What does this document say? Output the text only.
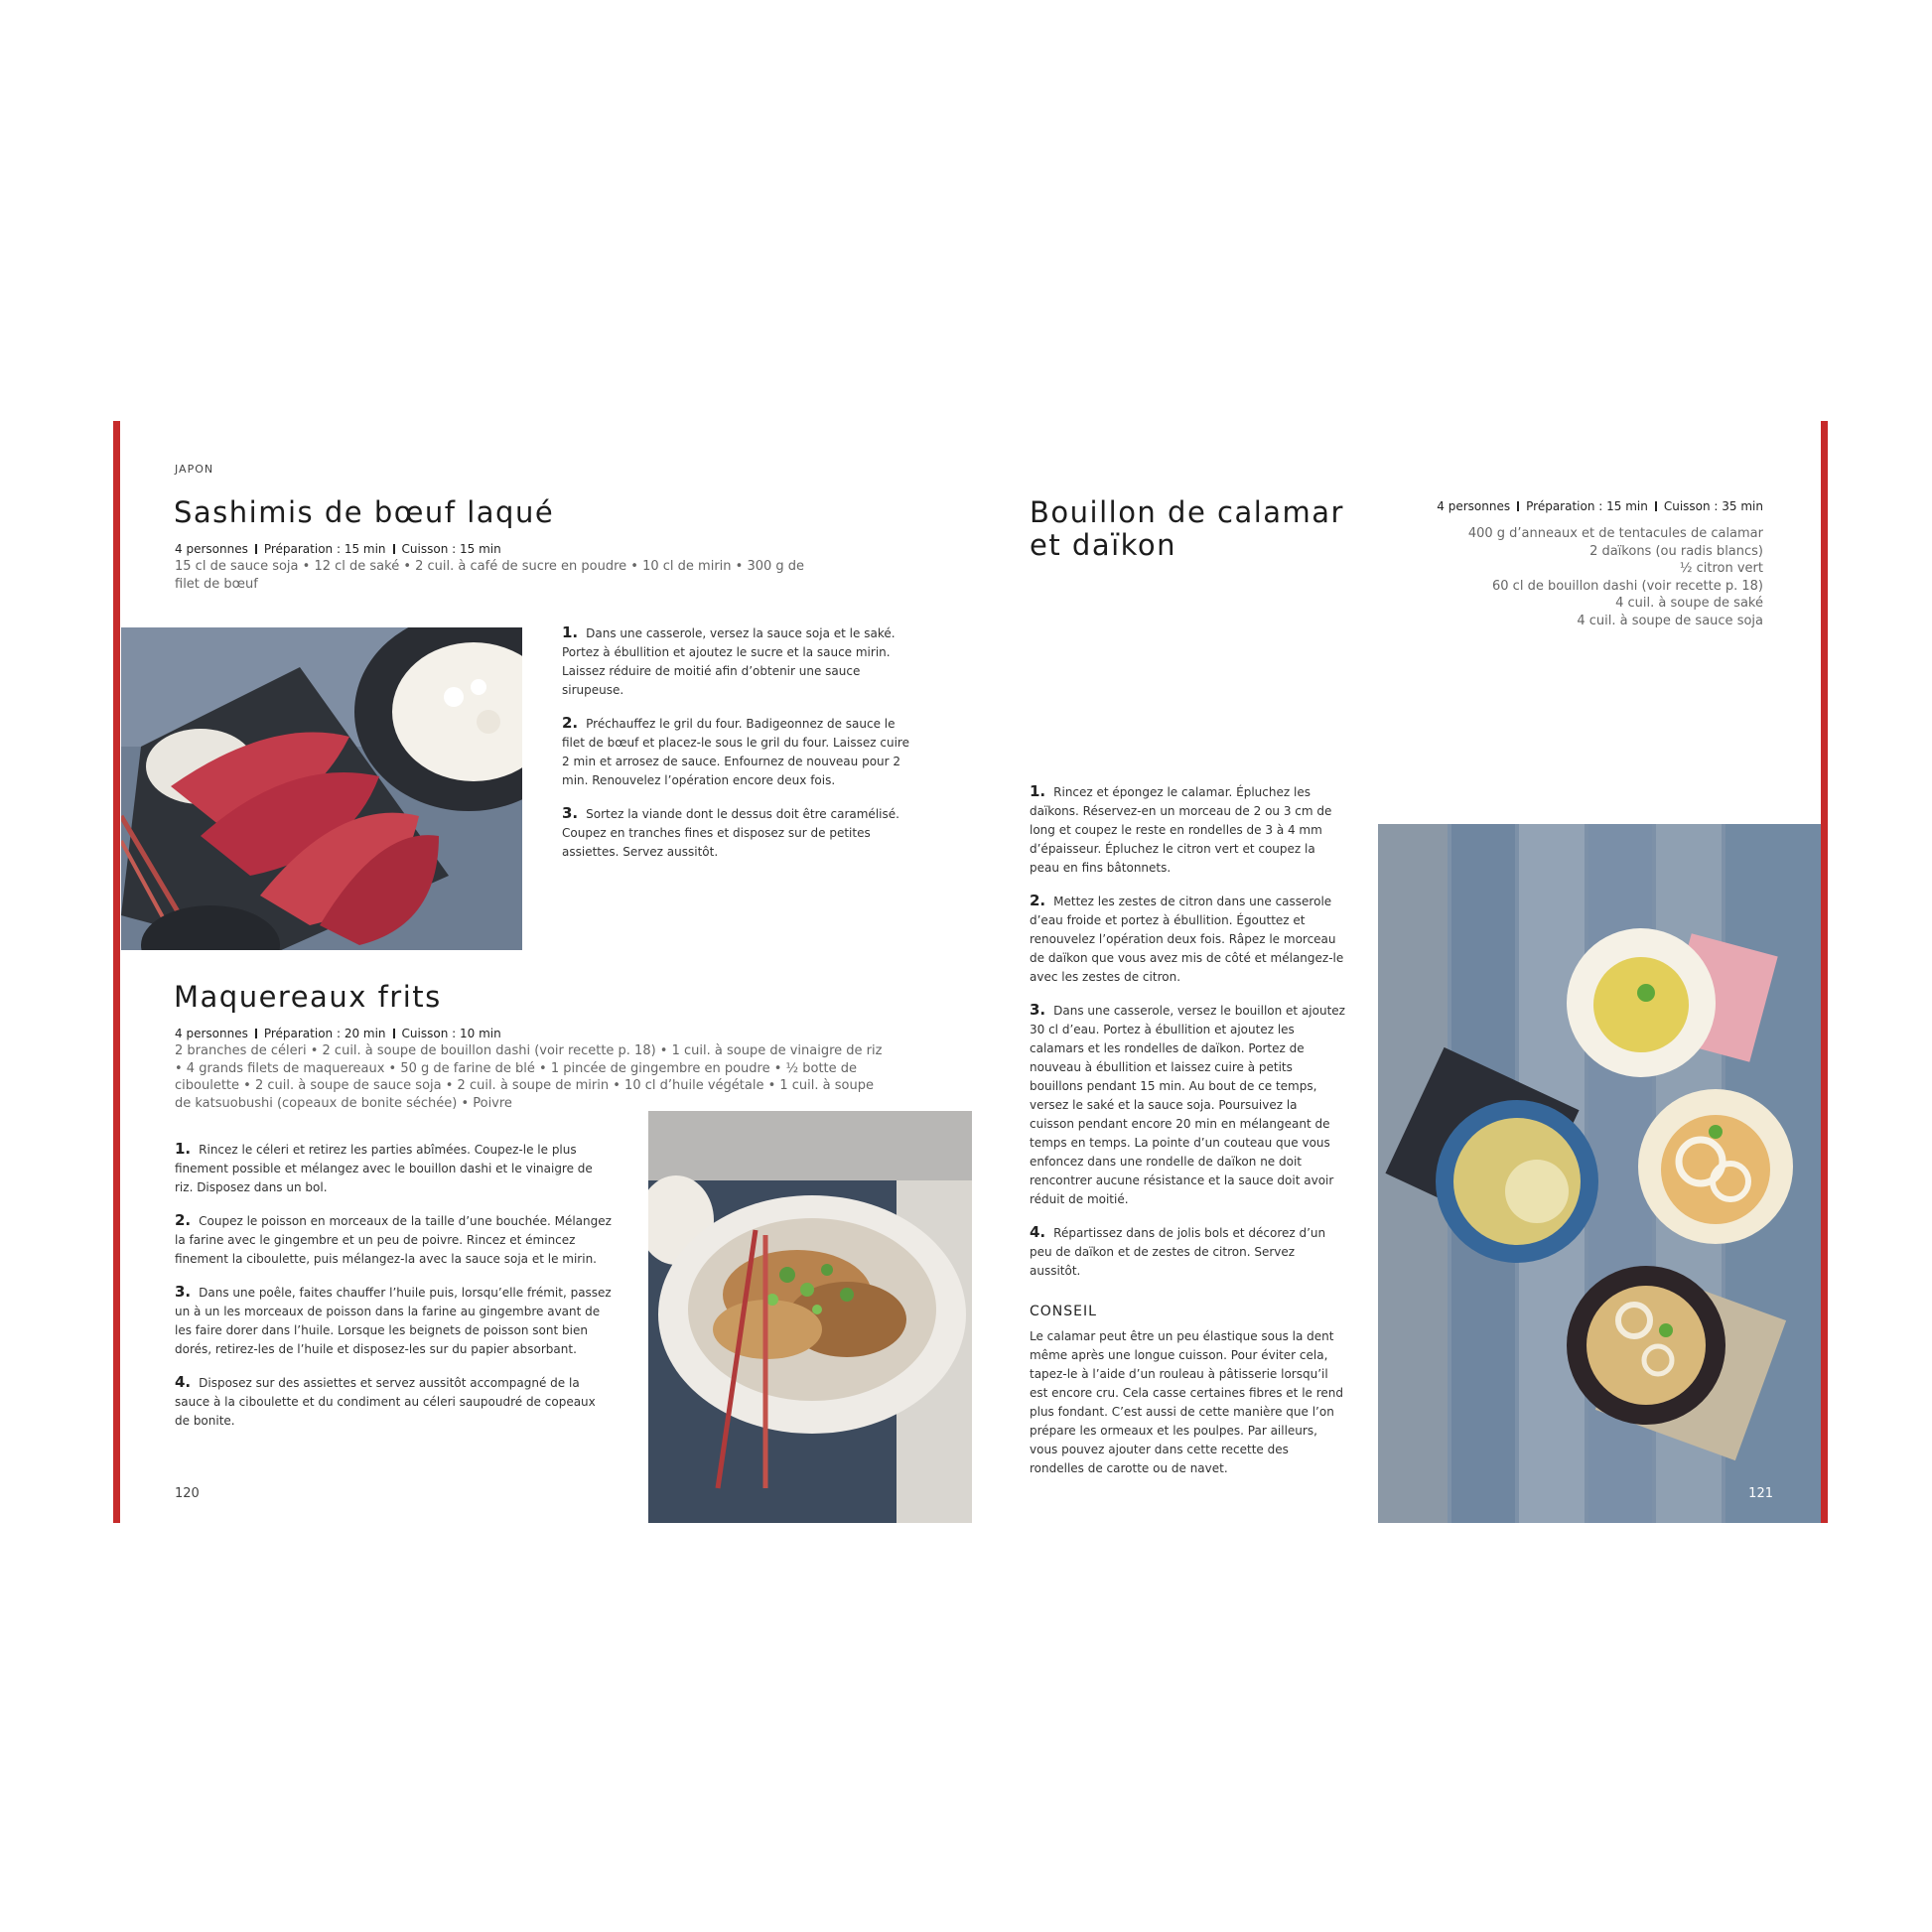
JAPON
Sashimis de bœuf laqué
4 personnes Préparation : 15 min Cuisson : 15 min
15 cl de sauce soja • 12 cl de saké • 2 cuil. à café de sucre en poudre • 10 cl de mirin • 300 g de filet de bœuf

1. Dans une casserole, versez la sauce soja et le saké. Portez à ébullition et ajoutez le sucre et la sauce mirin. Laissez réduire de moitié afin d’obtenir une sauce sirupeuse.

2. Préchauffez le gril du four. Badigeonnez de sauce le filet de bœuf et placez-le sous le gril du four. Laissez cuire 2 min et arrosez de sauce. Enfournez de nouveau pour 2 min. Renouvelez l’opération encore deux fois.

3. Sortez la viande dont le dessus doit être caramélisé. Coupez en tranches fines et disposez sur de petites assiettes. Servez aussitôt.

Maquereaux frits
4 personnes Préparation : 20 min Cuisson : 10 min
2 branches de céleri • 2 cuil. à soupe de bouillon dashi (voir recette p. 18) • 1 cuil. à soupe de vinaigre de riz • 4 grands filets de maquereaux • 50 g de farine de blé • 1 pincée de gingembre en poudre • ½ botte de ciboulette • 2 cuil. à soupe de sauce soja • 2 cuil. à soupe de mirin • 10 cl d’huile végétale • 1 cuil. à soupe de katsuobushi (copeaux de bonite séchée) • Poivre

1. Rincez le céleri et retirez les parties abîmées. Coupez-le le plus finement possible et mélangez avec le bouillon dashi et le vinaigre de riz. Disposez dans un bol.

2. Coupez le poisson en morceaux de la taille d’une bouchée. Mélangez la farine avec le gingembre et un peu de poivre. Rincez et émincez finement la ciboulette, puis mélangez-la avec la sauce soja et le mirin.

3. Dans une poêle, faites chauffer l’huile puis, lorsqu’elle frémit, passez un à un les morceaux de poisson dans la farine au gingembre avant de les faire dorer dans l’huile. Lorsque les beignets de poisson sont bien dorés, retirez-les de l’huile et disposez-les sur du papier absorbant.

4. Disposez sur des assiettes et servez aussitôt accompagné de la sauce à la ciboulette et du condiment au céleri saupoudré de copeaux de bonite.

120
Bouillon de calamar
et daïkon
4 personnes Préparation : 15 min Cuisson : 35 min
400 g d’anneaux et de tentacules de calamar
2 daïkons (ou radis blancs)
½ citron vert
60 cl de bouillon dashi (voir recette p. 18)
4 cuil. à soupe de saké
4 cuil. à soupe de sauce soja

1. Rincez et épongez le calamar. Épluchez les daïkons. Réservez-en un morceau de 2 ou 3 cm de long et coupez le reste en rondelles de 3 à 4 mm d’épaisseur. Épluchez le citron vert et coupez la peau en fins bâtonnets.

2. Mettez les zestes de citron dans une casserole d’eau froide et portez à ébullition. Égouttez et renouvelez l’opération deux fois. Râpez le morceau de daïkon que vous avez mis de côté et mélangez-le avec les zestes de citron.

3. Dans une casserole, versez le bouillon et ajoutez 30 cl d’eau. Portez à ébullition et ajoutez les calamars et les rondelles de daïkon. Portez de nouveau à ébullition et laissez cuire à petits bouillons pendant 15 min. Au bout de ce temps, versez le saké et la sauce soja. Poursuivez la cuisson pendant encore 20 min en mélangeant de temps en temps. La pointe d’un couteau que vous enfoncez dans une rondelle de daïkon ne doit rencontrer aucune résistance et la sauce doit avoir réduit de moitié.

4. Répartissez dans de jolis bols et décorez d’un peu de daïkon et de zestes de citron. Servez aussitôt.

CONSEIL
Le calamar peut être un peu élastique sous la dent même après une longue cuisson. Pour éviter cela, tapez-le à l’aide d’un rouleau à pâtisserie lorsqu’il est encore cru. Cela casse certaines fibres et le rend plus fondant. C’est aussi de cette manière que l’on prépare les ormeaux et les poulpes. Par ailleurs, vous pouvez ajouter dans cette recette des rondelles de carotte ou de navet.
121
